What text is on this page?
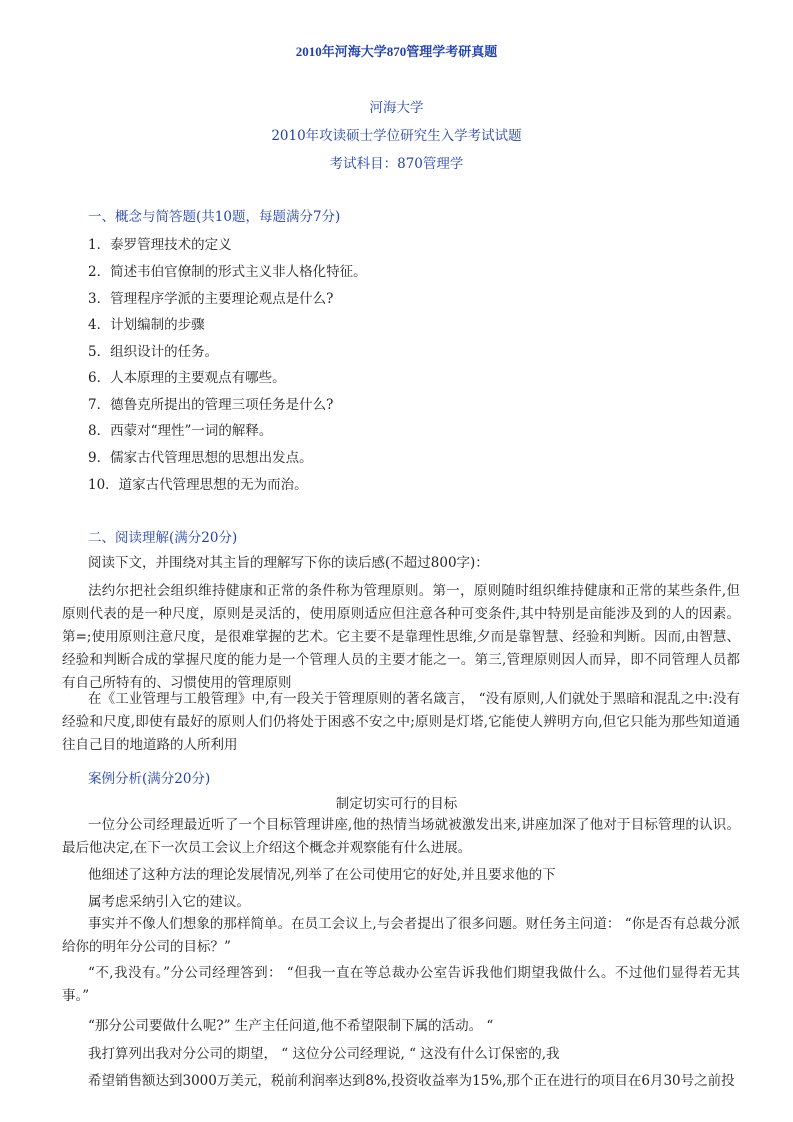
2010年河海大学870管理学考研真题
河海大学
2010年攻读硕士学位研究生入学考试试题
考试科目：870管理学
一、概念与简答题(共10题，每题满分7分)
1．泰罗管理技术的定义
2．简述韦伯官僚制的形式主义非人格化特征。
3．管理程序学派的主要理论观点是什么?
4．计划编制的步骤
5．组织设计的任务。
6．人本原理的主要观点有哪些。
7．德鲁克所提出的管理三项任务是什么?
8．西蒙对“理性”一词的解释。
9．儒家古代管理思想的思想出发点。
10．道家古代管理思想的无为而治。
二、阅读理解(满分20分)

阅读下文，并围绕对其主旨的理解写下你的读后感(不超过800字)：

法约尔把社会组织维持健康和正常的条件称为管理原则。第一，原则随时组织维持健康和正常的某些条件,但原则代表的是一种尺度，原则是灵活的，使用原则适应但注意各种可变条件,其中特别是亩能涉及到的人的因素。第=;使用原则注意尺度，是很难掌握的艺术。它主要不是靠理性思维,夕而是靠智慧、经验和判断。因而,由智慧、经验和判断合成的掌握尺度的能力是一个管理人员的主要才能之一。第三,管理原则因人而异，即不同管理人员都有自己所特有的、习惯使用的管理原则

在《工业管理与工般管理》中,有一段关于管理原则的著名箴言， “没有原则,人们就处于黑暗和混乱之中:没有经验和尺度,即使有最好的原则人们仍将处于困惑不安之中;原则是灯塔,它能使人辨明方向,但它只能为那些知道通往自己目的地道路的人所利用

案例分析(满分20分)
制定切实可行的目标

一位分公司经理最近听了一个目标管理讲座,他的热情当场就被激发出来,讲座加深了他对于目标管理的认识。最后他决定,在下一次员工会议上介绍这个概念并观察能有什么进展。

他细述了这种方法的理论发展情况,列举了在公司使用它的好处,并且要求他的下
属考虑采纳引入它的建议。

事实并不像人们想象的那样简单。在员工会议上,与会者提出了很多问题。财任务主问道： “你是否有总裁分派给你的明年分公司的目标？”

“不,我没有。”分公司经理答到： “但我一直在等总裁办公室告诉我他们期望我做什么。不过他们显得若无其事。”

“那分公司要做什么呢?” 生产主任问道,他不希望限制下属的活动。 “
我打算列出我对分公司的期望， “ 这位分公司经理说, “ 这没有什么订保密的,我
希望销售额达到3000万美元，税前利润率达到8%,投资收益率为15%,那个正在进行的项目在6月30号之前投
